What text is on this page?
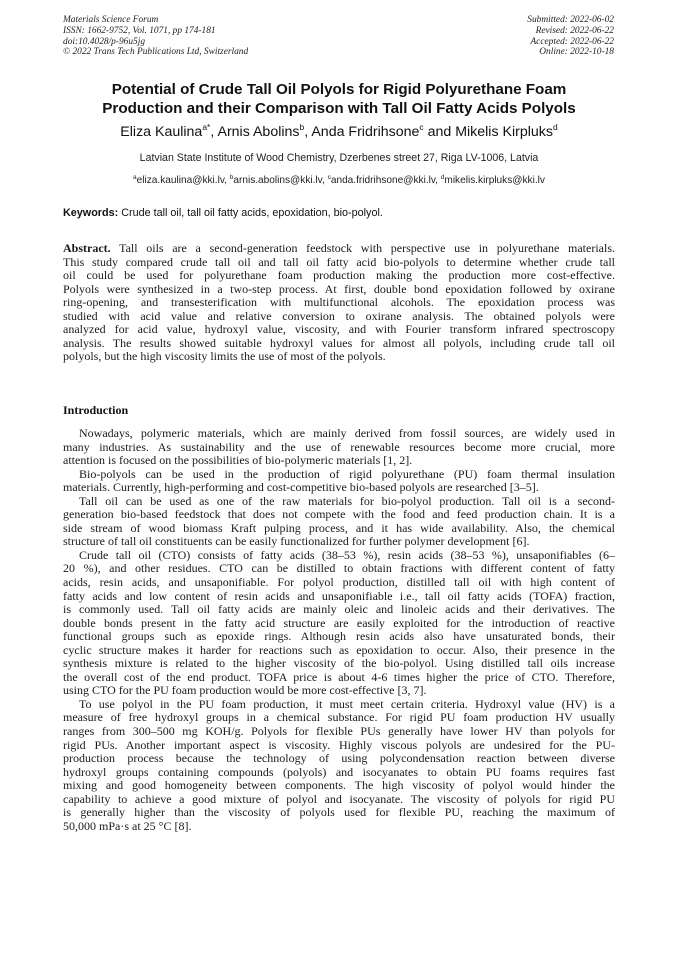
Materials Science Forum
ISSN: 1662-9752, Vol. 1071, pp 174-181
doi:10.4028/p-96u5jg
© 2022 Trans Tech Publications Ltd, Switzerland
Submitted: 2022-06-02
Revised: 2022-06-22
Accepted: 2022-06-22
Online: 2022-10-18
Potential of Crude Tall Oil Polyols for Rigid Polyurethane Foam
Production and their Comparison with Tall Oil Fatty Acids Polyols
Eliza Kaulina$^{a*}$, Arnis Abolins$^b$, Anda Fridrihsone$^c$ and Mikelis Kirpluks$^d$
Latvian State Institute of Wood Chemistry, Dzerbenes street 27, Riga LV-1006, Latvia
$^a$eliza.kaulina@kki.lv, $^b$arnis.abolins@kki.lv, $^c$anda.fridrihsone@kki.lv, $^d$mikelis.kirpluks@kki.lv
Keywords: Crude tall oil, tall oil fatty acids, epoxidation, bio-polyol.
Abstract. Tall oils are a second-generation feedstock with perspective use in polyurethane materials.
This study compared crude tall oil and tall oil fatty acid bio-polyols to determine whether crude tall
oil could be used for polyurethane foam production making the production more cost-effective.
Polyols were synthesized in a two-step process. At first, double bond epoxidation followed by oxirane
ring-opening, and transesterification with multifunctional alcohols. The epoxidation process was
studied with acid value and relative conversion to oxirane analysis. The obtained polyols were
analyzed for acid value, hydroxyl value, viscosity, and with Fourier transform infrared spectroscopy
analysis. The results showed suitable hydroxyl values for almost all polyols, including crude tall oil
polyols, but the high viscosity limits the use of most of the polyols.
Introduction
Nowadays, polymeric materials, which are mainly derived from fossil sources, are widely used in
many industries. As sustainability and the use of renewable resources become more crucial, more
attention is focused on the possibilities of bio-polymeric materials [1, 2].
Bio-polyols can be used in the production of rigid polyurethane (PU) foam thermal insulation
materials. Currently, high-performing and cost-competitive bio-based polyols are researched [3–5].
Tall oil can be used as one of the raw materials for bio-polyol production. Tall oil is a second-
generation bio-based feedstock that does not compete with the food and feed production chain. It is a
side stream of wood biomass Kraft pulping process, and it has wide availability. Also, the chemical
structure of tall oil constituents can be easily functionalized for further polymer development [6].
Crude tall oil (CTO) consists of fatty acids (38–53 %), resin acids (38–53 %), unsaponifiables (6–
20 %), and other residues. CTO can be distilled to obtain fractions with different content of fatty
acids, resin acids, and unsaponifiable. For polyol production, distilled tall oil with high content of
fatty acids and low content of resin acids and unsaponifiable i.e., tall oil fatty acids (TOFA) fraction,
is commonly used. Tall oil fatty acids are mainly oleic and linoleic acids and their derivatives. The
double bonds present in the fatty acid structure are easily exploited for the introduction of reactive
functional groups such as epoxide rings. Although resin acids also have unsaturated bonds, their
cyclic structure makes it harder for reactions such as epoxidation to occur. Also, their presence in the
synthesis mixture is related to the higher viscosity of the bio-polyol. Using distilled tall oils increase
the overall cost of the end product. TOFA price is about 4-6 times higher the price of CTO. Therefore,
using CTO for the PU foam production would be more cost-effective [3, 7].
To use polyol in the PU foam production, it must meet certain criteria. Hydroxyl value (HV) is a
measure of free hydroxyl groups in a chemical substance. For rigid PU foam production HV usually
ranges from 300–500 mg KOH/g. Polyols for flexible PUs generally have lower HV than polyols for
rigid PUs. Another important aspect is viscosity. Highly viscous polyols are undesired for the PU-
production process because the technology of using polycondensation reaction between diverse
hydroxyl groups containing compounds (polyols) and isocyanates to obtain PU foams requires fast
mixing and good homogeneity between components. The high viscosity of polyol would hinder the
capability to achieve a good mixture of polyol and isocyanate. The viscosity of polyols for rigid PU
is generally higher than the viscosity of polyols used for flexible PU, reaching the maximum of
50,000 mPa·s at 25 °C [8].
